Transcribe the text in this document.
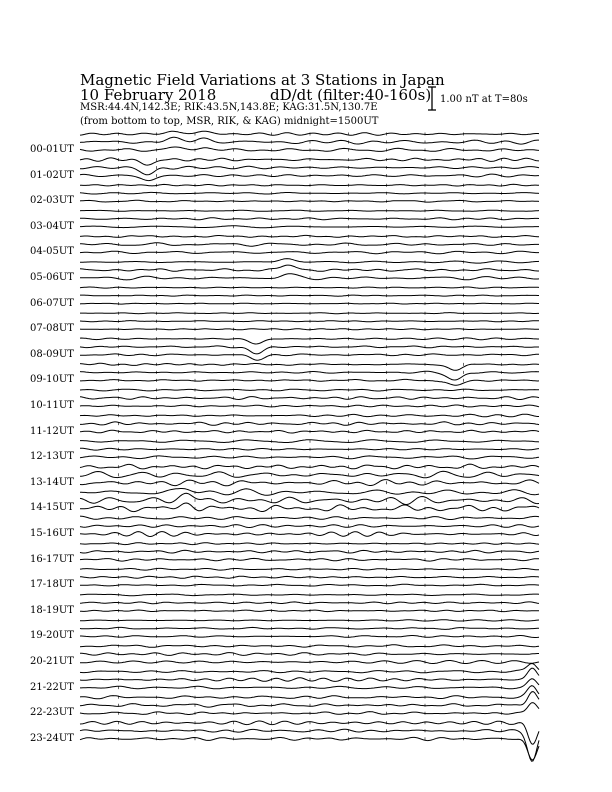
Magnetic Field Variations at 3 Stations in Japan
10 February 2018	dD/dt (filter:40-160s)
MSR:44.4N,142.3E; RIK:43.5N,143.8E; KAG:31.5N,130.7E
(from bottom to top, MSR, RIK, & KAG) midnight=1500UT
1.00 nT at T=80s
00-01UT
01-02UT
02-03UT
03-04UT
04-05UT
05-06UT
06-07UT
07-08UT
08-09UT
09-10UT
10-11UT
11-12UT
12-13UT
13-14UT
14-15UT
15-16UT
16-17UT
17-18UT
18-19UT
19-20UT
20-21UT
21-22UT
22-23UT
23-24UT
